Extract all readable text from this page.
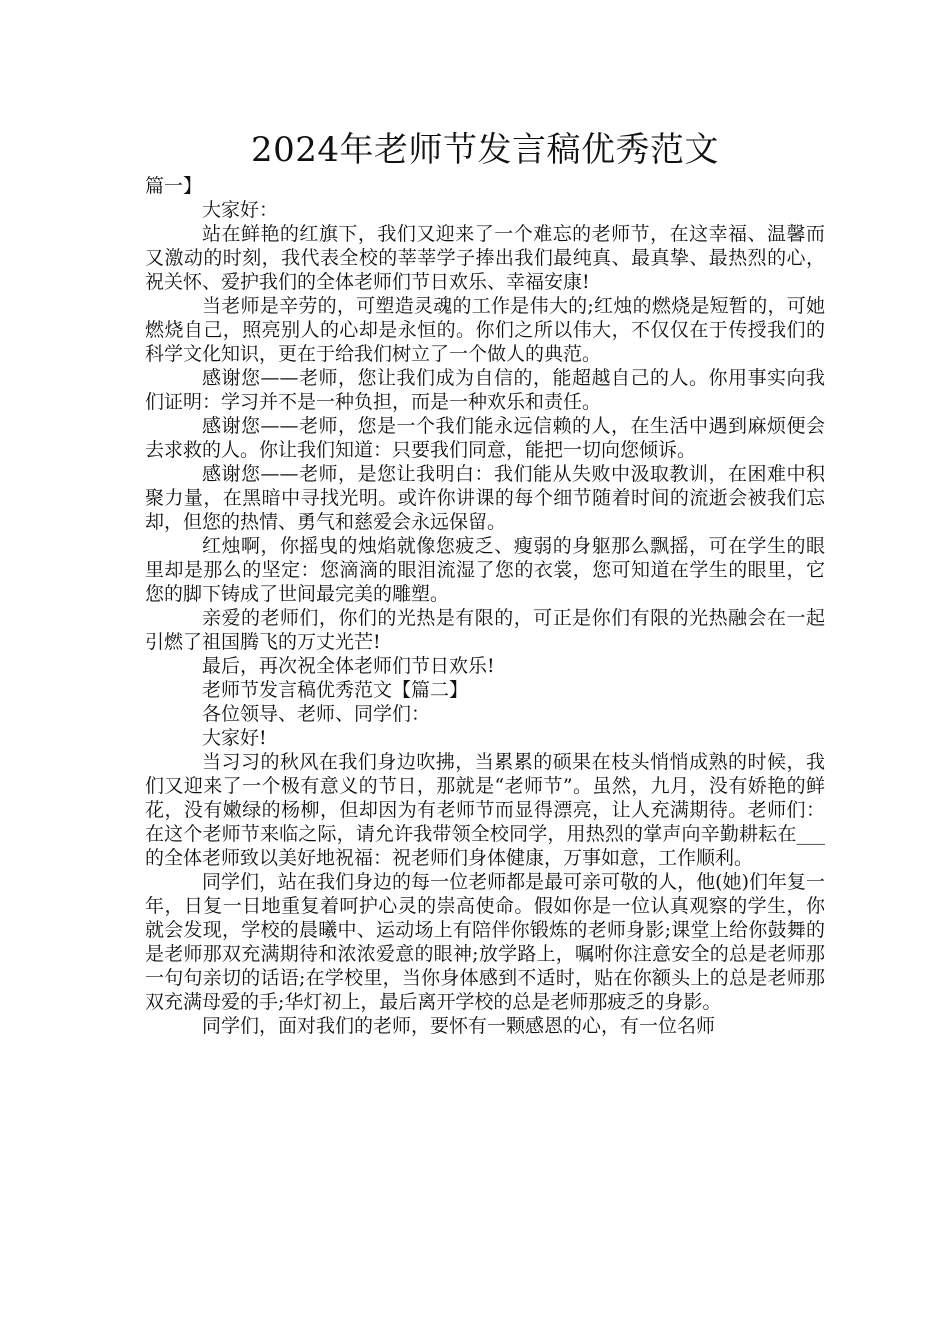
2024年老师节发言稿优秀范文

篇一】

大家好：

站在鲜艳的红旗下，我们又迎来了一个难忘的老师节，在这幸福、温馨而又激动的时刻，我代表全校的莘莘学子捧出我们最纯真、最真挚、最热烈的心，祝关怀、爱护我们的全体老师们节日欢乐、幸福安康!

当老师是辛劳的，可塑造灵魂的工作是伟大的;红烛的燃烧是短暂的，可她燃烧自己，照亮别人的心却是永恒的。你们之所以伟大，不仅仅在于传授我们的科学文化知识，更在于给我们树立了一个做人的典范。

感谢您——老师，您让我们成为自信的，能超越自己的人。你用事实向我们证明：学习并不是一种负担，而是一种欢乐和责任。

感谢您——老师，您是一个我们能永远信赖的人，在生活中遇到麻烦便会去求救的人。你让我们知道：只要我们同意，能把一切向您倾诉。

感谢您——老师，是您让我明白：我们能从失败中汲取教训，在困难中积聚力量，在黑暗中寻找光明。或许你讲课的每个细节随着时间的流逝会被我们忘却，但您的热情、勇气和慈爱会永远保留。

红烛啊，你摇曳的烛焰就像您疲乏、瘦弱的身躯那么飘摇，可在学生的眼里却是那么的坚定：您滴滴的眼泪流湿了您的衣裳，您可知道在学生的眼里，它您的脚下铸成了世间最完美的雕塑。

亲爱的老师们，你们的光热是有限的，可正是你们有限的光热融会在一起引燃了祖国腾飞的万丈光芒!

最后，再次祝全体老师们节日欢乐!

老师节发言稿优秀范文【篇二】

各位领导、老师、同学们：

大家好!

当习习的秋风在我们身边吹拂，当累累的硕果在枝头悄悄成熟的时候，我们又迎来了一个极有意义的节日，那就是“老师节”。虽然，九月，没有娇艳的鲜花，没有嫩绿的杨柳，但却因为有老师节而显得漂亮，让人充满期待。老师们：在这个老师节来临之际，请允许我带领全校同学，用热烈的掌声向辛勤耕耘在___的全体老师致以美好地祝福：祝老师们身体健康，万事如意，工作顺利。

同学们，站在我们身边的每一位老师都是最可亲可敬的人，他(她)们年复一年，日复一日地重复着呵护心灵的崇高使命。假如你是一位认真观察的学生，你就会发现，学校的晨曦中、运动场上有陪伴你锻炼的老师身影;课堂上给你鼓舞的是老师那双充满期待和浓浓爱意的眼神;放学路上，嘱咐你注意安全的总是老师那一句句亲切的话语;在学校里，当你身体感到不适时，贴在你额头上的总是老师那双充满母爱的手;华灯初上，最后离开学校的总是老师那疲乏的身影。

同学们，面对我们的老师，要怀有一颗感恩的心，有一位名师
